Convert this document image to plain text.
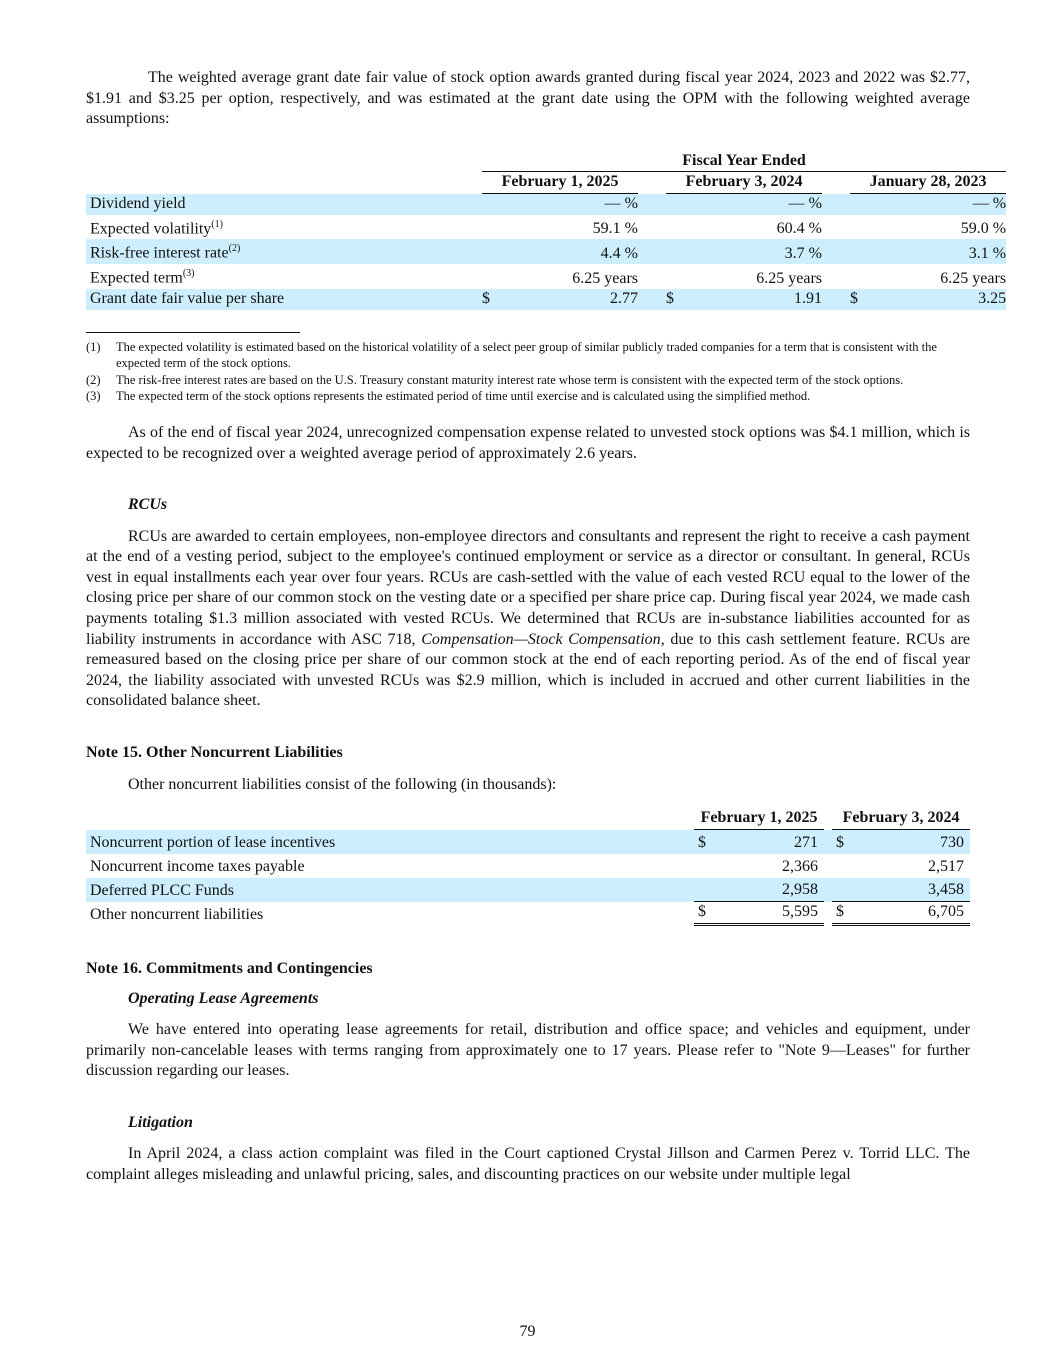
The weighted average grant date fair value of stock option awards granted during fiscal year 2024, 2023 and 2022 was $2.77, $1.91 and $3.25 per option, respectively, and was estimated at the grant date using the OPM with the following weighted average assumptions:

	Fiscal Year Ended							
	February 1, 2025			February 3, 2024			January 28, 2023	
Dividend yield		— %			— %			— %
Expected volatility$^{(1)}$		59.1 %			60.4 %			59.0 %
Risk-free interest rate$^{(2)}$		4.4 %			3.7 %			3.1 %
Expected term$^{(3)}$		6.25 years			6.25 years			6.25 years
Grant date fair value per share	$	2.77		$	1.91		$	3.25
(1)	The expected volatility is estimated based on the historical volatility of a select peer group of similar publicly traded companies for a term that is consistent with the expected term of the stock options.
(2)	The risk-free interest rates are based on the U.S. Treasury constant maturity interest rate whose term is consistent with the expected term of the stock options.
(3)	The expected term of the stock options represents the estimated period of time until exercise and is calculated using the simplified method.

As of the end of fiscal year 2024, unrecognized compensation expense related to unvested stock options was $4.1 million, which is expected to be recognized over a weighted average period of approximately 2.6 years.

RCUs

RCUs are awarded to certain employees, non-employee directors and consultants and represent the right to receive a cash payment at the end of a vesting period, subject to the employee's continued employment or service as a director or consultant. In general, RCUs vest in equal installments each year over four years. RCUs are cash-settled with the value of each vested RCU equal to the lower of the closing price per share of our common stock on the vesting date or a specified per share price cap. During fiscal year 2024, we made cash payments totaling $1.3 million associated with vested RCUs. We determined that RCUs are in-substance liabilities accounted for as liability instruments in accordance with ASC 718, Compensation—Stock Compensation, due to this cash settlement feature. RCUs are remeasured based on the closing price per share of our common stock at the end of each reporting period. As of the end of fiscal year 2024, the liability associated with unvested RCUs was $2.9 million, which is included in accrued and other current liabilities in the consolidated balance sheet.

Note 15. Other Noncurrent Liabilities

Other noncurrent liabilities consist of the following (in thousands):

	February 1, 2025			February 3, 2024	
Noncurrent portion of lease incentives	$	271		$	730
Noncurrent income taxes payable		2,366			2,517
Deferred PLCC Funds		2,958			3,458
Other noncurrent liabilities	$	5,595		$	6,705

Note 16. Commitments and Contingencies

Operating Lease Agreements

We have entered into operating lease agreements for retail, distribution and office space; and vehicles and equipment, under primarily non-cancelable leases with terms ranging from approximately one to 17 years. Please refer to "Note 9—Leases" for further discussion regarding our leases.

Litigation

In April 2024, a class action complaint was filed in the Court captioned Crystal Jillson and Carmen Perez v. Torrid LLC. The complaint alleges misleading and unlawful pricing, sales, and discounting practices on our website under multiple legal

79
